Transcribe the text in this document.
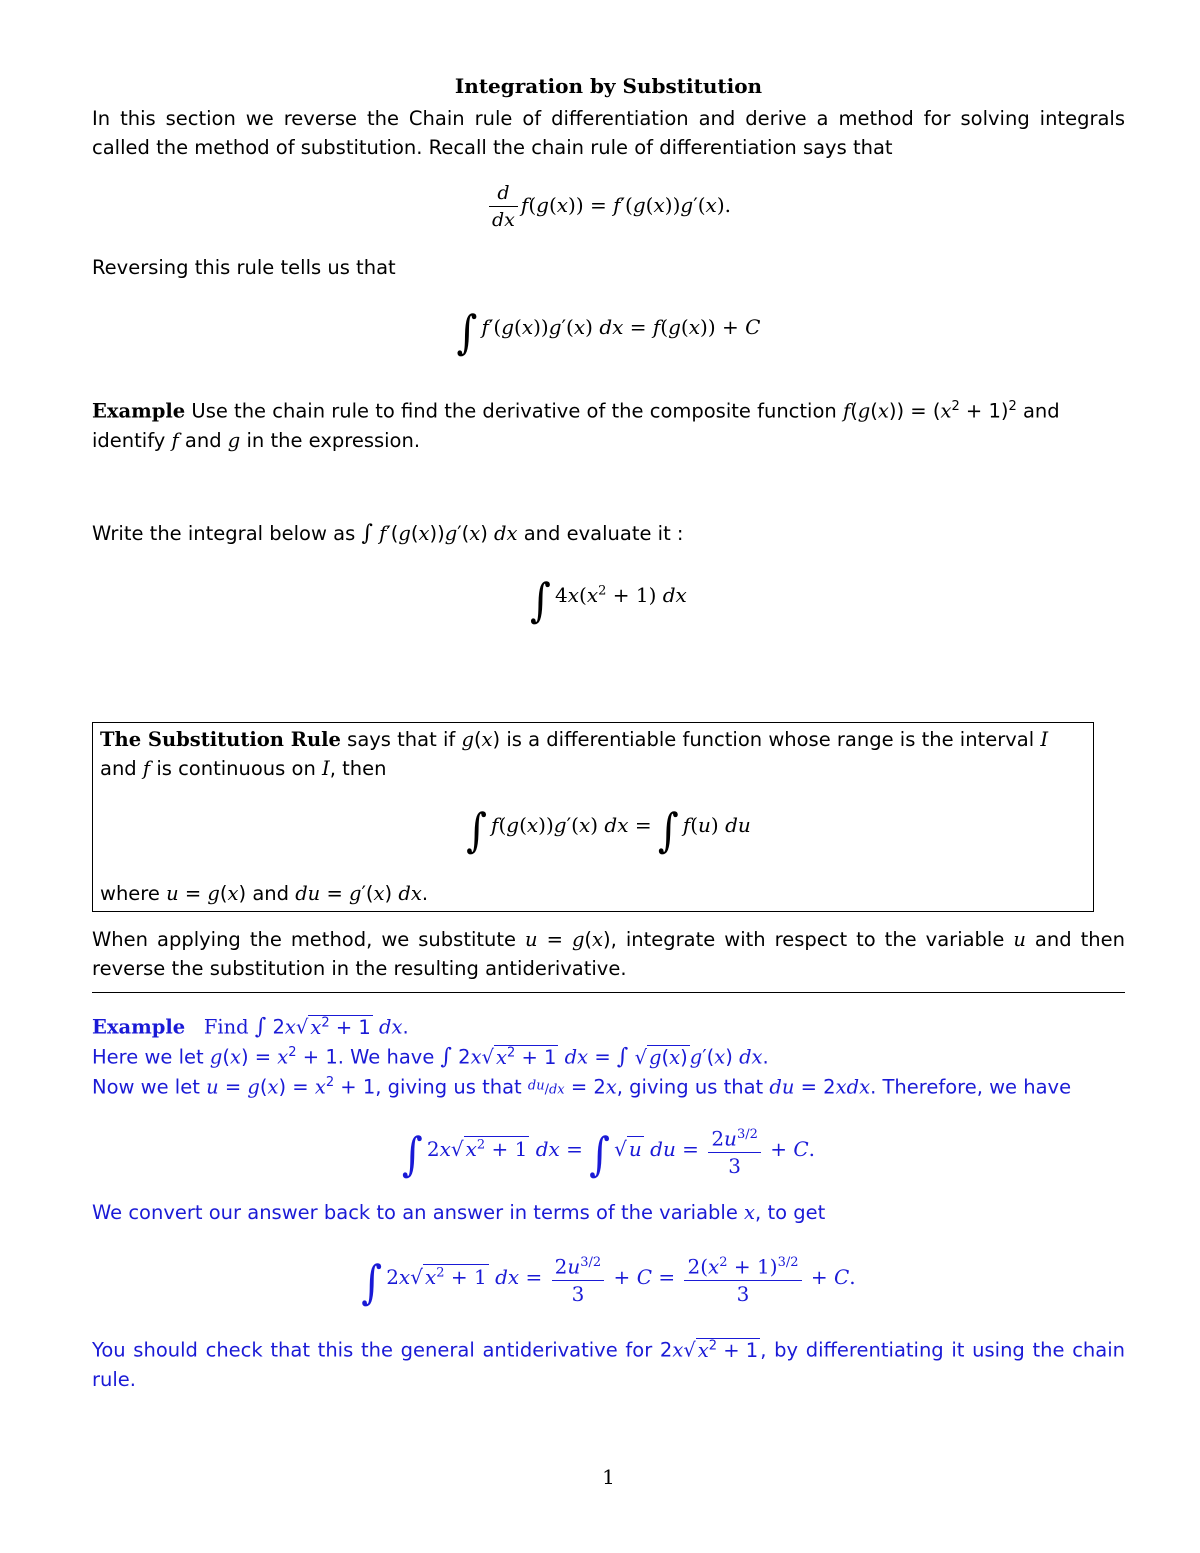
Integration by Substitution
In this section we reverse the Chain rule of differentiation and derive a method for solving integrals called the method of substitution. Recall the chain rule of differentiation says that
$\frac{d}{dx} f(g(x)) = f'(g(x))g'(x)$.
Reversing this rule tells us that
∫ f′(g(x))g′(x) dx = f(g(x)) + C
Example Use the chain rule to find the derivative of the composite function $f(g(x)) = (x^2 + 1)^2$ and
identify f and g in the expression.
Write the integral below as ∫ f′(g(x))g′(x) dx and evaluate it :
∫ $4x(x^2 + 1)$ dx
The Substitution Rule says that if g(x) is a differentiable function whose range is the interval I
and f is continuous on I, then
∫ f(g(x))g′(x) dx = ∫ f(u) du
where u = g(x) and du = g′(x) dx.
When applying the method, we substitute u = g(x), integrate with respect to the variable u and then reverse the substitution in the resulting antiderivative.
Example Find ∫ 2x√ $x^2 + 1$ dx.
Here we let $g(x) = x^2 + 1$. We have ∫ 2x√ $x^2 + 1$ dx = ∫ √ g(x) g′(x) dx.
Now we let $u = g(x) = x^2 + 1$, giving us that $^{du}$/dx = 2x, giving us that du = 2xdx. Therefore, we have
∫ 2x√ $x^2 + 1$ dx = ∫ √ u du = $\frac{2u^{3/2}}{3} + C$.
We convert our answer back to an answer in terms of the variable x, to get
∫ 2x√ $x^2 + 1$ dx = $\frac{2u^{3/2}}{3} + C = \frac{2(x^2 + 1)^{3/2}}{3} + C$.
You should check that this the general antiderivative for 2x√ $x^2 + 1$ , by differentiating it using the chain rule.
1
